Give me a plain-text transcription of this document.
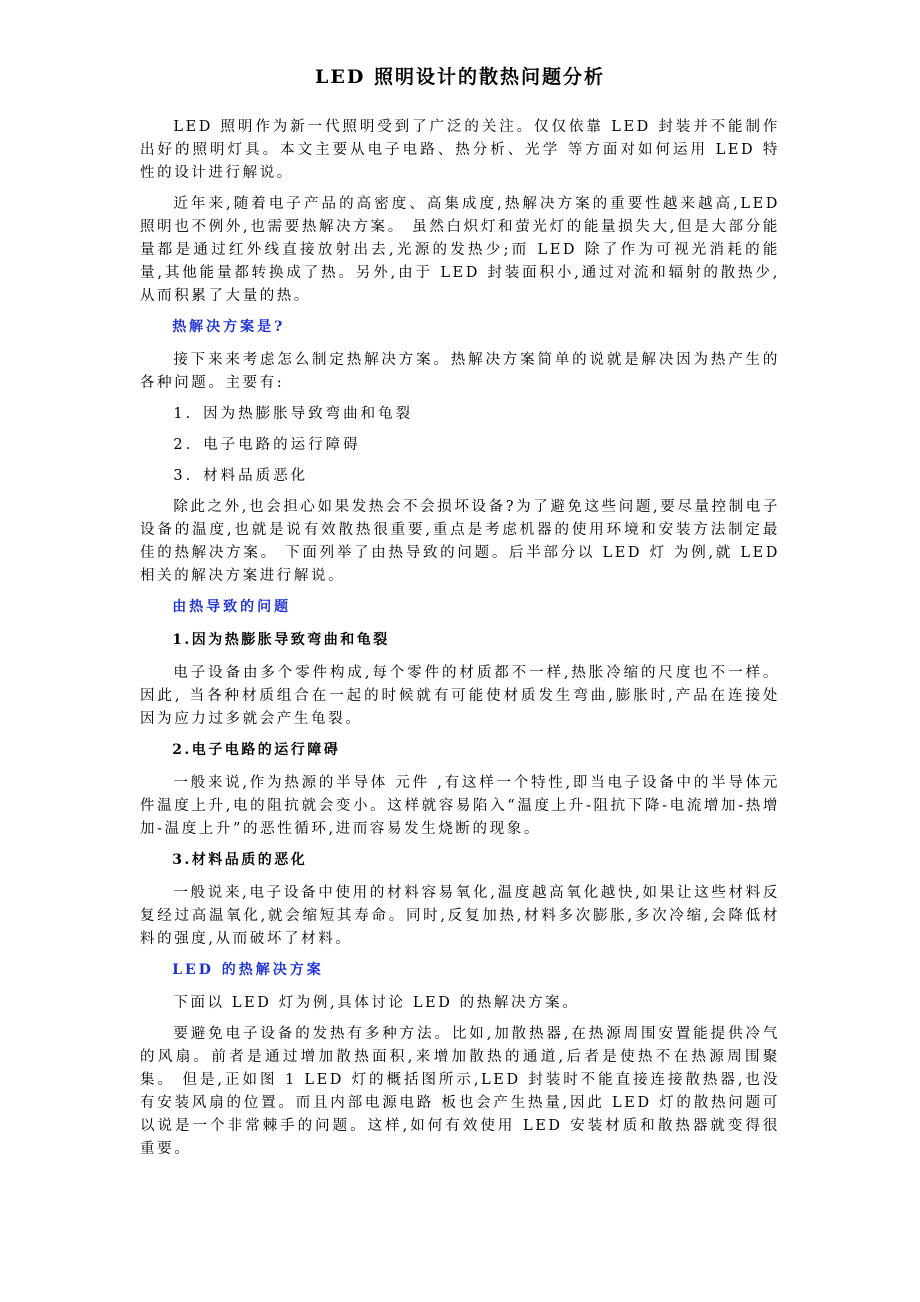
LED 照明设计的散热问题分析

LED 照明作为新一代照明受到了广泛的关注。仅仅依靠 LED 封装并不能制作出好的照明灯具。本文主要从电子电路、热分析、光学 等方面对如何运用 LED 特性的设计进行解说。

近年来,随着电子产品的高密度、高集成度,热解决方案的重要性越来越高,LED 照明也不例外,也需要热解决方案。 虽然白炽灯和萤光灯的能量损失大,但是大部分能量都是通过红外线直接放射出去,光源的发热少;而 LED 除了作为可视光消耗的能量,其他能量都转换成了热。另外,由于 LED 封装面积小,通过对流和辐射的散热少,从而积累了大量的热。

热解决方案是?

接下来来考虑怎么制定热解决方案。热解决方案简单的说就是解决因为热产生的各种问题。主要有:

1．因为热膨胀导致弯曲和龟裂
2．电子电路的运行障碍
3．材料品质恶化

除此之外,也会担心如果发热会不会损坏设备?为了避免这些问题,要尽量控制电子设备的温度,也就是说有效散热很重要,重点是考虑机器的使用环境和安装方法制定最佳的热解决方案。 下面列举了由热导致的问题。后半部分以 LED 灯 为例,就 LED 相关的解决方案进行解说。

由热导致的问题
1.因为热膨胀导致弯曲和龟裂

电子设备由多个零件构成,每个零件的材质都不一样,热胀冷缩的尺度也不一样。因此, 当各种材质组合在一起的时候就有可能使材质发生弯曲,膨胀时,产品在连接处因为应力过多就会产生龟裂。

2.电子电路的运行障碍

一般来说,作为热源的半导体 元件 ,有这样一个特性,即当电子设备中的半导体元件温度上升,电的阻抗就会变小。这样就容易陷入“温度上升-阻抗下降-电流增加-热增加-温度上升”的恶性循环,进而容易发生烧断的现象。

3.材料品质的恶化

一般说来,电子设备中使用的材料容易氧化,温度越高氧化越快,如果让这些材料反复经过高温氧化,就会缩短其寿命。同时,反复加热,材料多次膨胀,多次冷缩,会降低材料的强度,从而破坏了材料。

LED 的热解决方案

下面以 LED 灯为例,具体讨论 LED 的热解决方案。

要避免电子设备的发热有多种方法。比如,加散热器,在热源周围安置能提供冷气的风扇。前者是通过增加散热面积,来增加散热的通道,后者是使热不在热源周围聚集。 但是,正如图 1 LED 灯的概括图所示,LED 封装时不能直接连接散热器,也没有安装风扇的位置。而且内部电源电路 板也会产生热量,因此 LED 灯的散热问题可以说是一个非常棘手的问题。这样,如何有效使用 LED 安装材质和散热器就变得很重要。
